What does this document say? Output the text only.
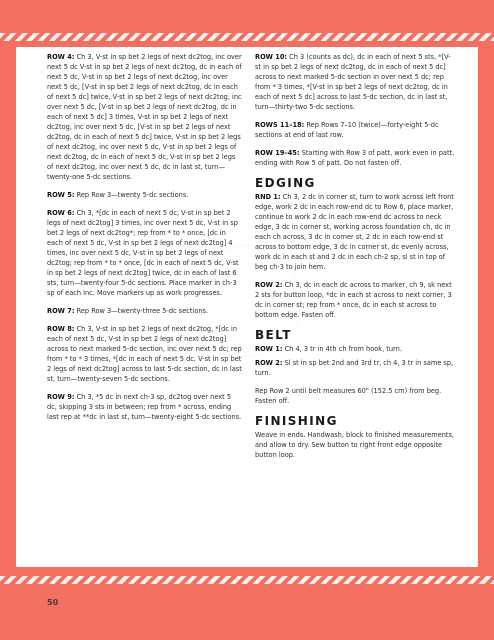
ROW 4: Ch 3, V-st in sp bet 2 legs of next dc2tog, inc over next 5 dc V-st in sp bet 2 legs of next dc2tog, dc in each of next 5 dc, V-st in sp bet 2 legs of next dc2tog, inc over next 5 dc, [V-st in sp bet 2 legs of next dc2tog, dc in each of next 5 dc] twice, V-st in sp bet 2 legs of next dc2tog, inc over next 5 dc, [V-st in sp bet 2 legs of next dc2tog, dc in each of next 5 dc] 3 times, V-st in sp bet 2 legs of next dc2tog, inc over next 5 dc, [V-st in sp bet 2 legs of next dc2tog, dc in each of next 5 dc] twice, V-st in sp bet 2 legs of next dc2tog, inc over next 5 dc, V-st in sp bet 2 legs of next dc2tog, dc in each of next 5 dc, V-st in sp bet 2 legs of next dc2tog, inc over next 5 dc, dc in last st, turn—twenty-one 5-dc sections.

ROW 5: Rep Row 3—twenty 5-dc sections.

ROW 6: Ch 3, *[dc in each of next 5 dc, V-st in sp bet 2 legs of next dc2tog] 3 times, inc over next 5 dc, V-st in sp bet 2 legs of next dc2tog*; rep from * to * once, [dc in each of next 5 dc, V-st in sp bet 2 legs of next dc2tog] 4 times, inc over next 5 dc, V-st in sp bet 2 legs of next dc2tog; rep from * to * once, [dc in each of next 5 dc, V-st in sp bet 2 legs of next dc2tog] twice, dc in each of last 6 sts, turn—twenty-four 5-dc sections. Place marker in ch-3 sp of each inc. Move markers up as work progresses.

ROW 7: Rep Row 3—twenty-three 5-dc sections.

ROW 8: Ch 3, V-st in sp bet 2 legs of next dc2tog, *[dc in each of next 5 dc, V-st in sp bet 2 legs of next dc2tog] across to next marked 5-dc section, inc over next 5 dc; rep from * to * 3 times, *[dc in each of next 5 dc, V-st in sp bet 2 legs of next dc2tog] across to last 5-dc section, dc in last st, turn—twenty-seven 5-dc sections.

ROW 9: Ch 3, *5 dc in next ch-3 sp, dc2tog over next 5 dc, skipping 3 sts in between; rep from * across, ending last rep at **dc in last st, turn—twenty-eight 5-dc sections.

ROW 10: Ch 3 (counts as dc), dc in each of next 5 sts, *[V-st in sp bet 2 legs of next dc2tog, dc in each of next 5 dc] across to next marked 5-dc section in over next 5 dc; rep from * 3 times, *[V-st in sp bet 2 legs of next dc2tog, dc in each of next 5 dc] across to last 5-dc section, dc in last st, turn—thirty-two 5-dc sections.

ROWS 11–18: Rep Rows 7–10 (twice)—forty-eight 5-dc sections at end of last row.

ROW 19–45: Starting with Row 3 of patt, work even in patt, ending with Row 5 of patt. Do not fasten off.

EDGING

RND 1: Ch 3, 2 dc in corner st, turn to work across left front edge, work 2 dc in each row-end dc to Row 6, place marker, continue to work 2 dc in each row-end dc across to neck edge, 3 dc in corner st, working across foundation ch, dc in each ch across, 3 dc in corner st, 2 dc in each row-end st across to bottom edge, 3 dc in corner st, dc evenly across, work dc in each st and 2 dc in each ch-2 sp, sl st in top of beg ch-3 to join hem.

ROW 2: Ch 3, dc in each dc across to marker, ch 9, sk next 2 sts for button loop, *dc in each st across to next corner, 3 dc in corner st; rep from * once, dc in each st across to bottom edge. Fasten off.

BELT

ROW 1: Ch 4, 3 tr in 4th ch from hook, turn.

ROW 2: Sl st in sp bet 2nd and 3rd tr, ch 4, 3 tr in same sp, turn.

Rep Row 2 until belt measures 60" (152.5 cm) from beg. Fasten off.

FINISHING

Weave in ends. Handwash, block to finished measurements, and allow to dry. Sew button to right front edge opposite button loop.

50
